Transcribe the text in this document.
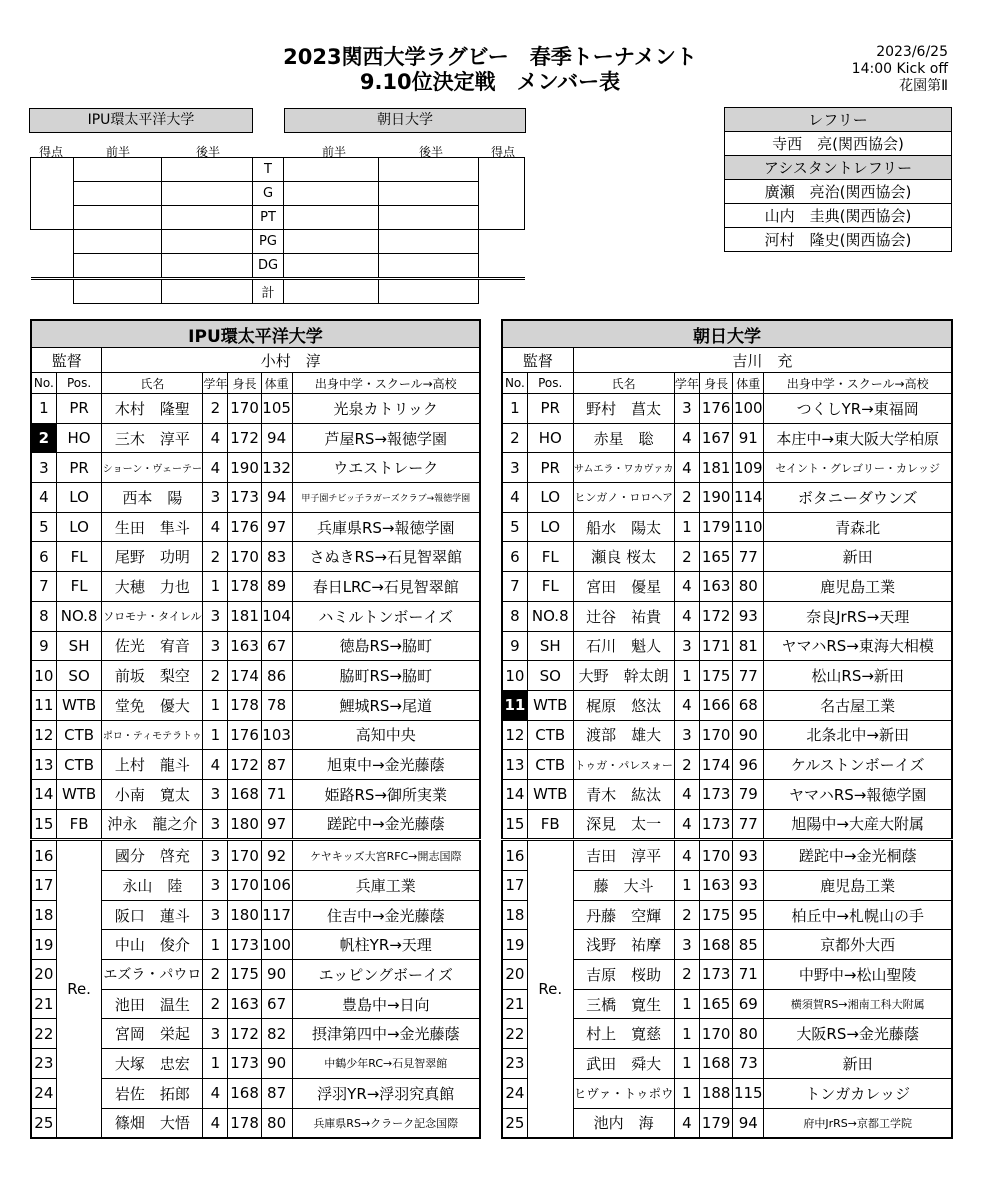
2023関西大学ラグビー　春季トーナメント
9.10位決定戦　メンバー表
2023/6/25
14:00 Kick off
花園第Ⅱ
IPU環太平洋大学	朝日大学
得点	前半	後半	前半	後半	得点
			T			
			G			
			PT			
			PG			
			DG			
			計			
レフリー
寺西　亮(関西協会)
アシスタントレフリー
廣瀬　亮治(関西協会)
山内　圭典(関西協会)
河村　隆史(関西協会)
IPU環太平洋大学						
監督		小村　淳				
No.	Pos.	氏名	学年	身長	体重	出身中学・スクール→高校
1	PR	木村　隆聖	2	170	105	光泉カトリック
2	HO	三木　淳平	4	172	94	芦屋RS→報徳学園
3	PR	ショーン・ヴェーテー	4	190	132	ウエストレーク
4	LO	西本　陽	3	173	94	甲子園チビッ子ラガーズクラブ→報徳学園
5	LO	生田　隼斗	4	176	97	兵庫県RS→報徳学園
6	FL	尾野　功明	2	170	83	さぬきRS→石見智翠館
7	FL	大穂　力也	1	178	89	春日LRC→石見智翠館
8	NO.8	ソロモナ・タイレル	3	181	104	ハミルトンボーイズ
9	SH	佐光　宥音	3	163	67	徳島RS→脇町
10	SO	前坂　梨空	2	174	86	脇町RS→脇町
11	WTB	堂免　優大	1	178	78	鯉城RS→尾道
12	CTB	ポロ・ティモテラトゥ	1	176	103	高知中央
13	CTB	上村　龍斗	4	172	87	旭東中→金光藤蔭
14	WTB	小南　寛太	3	168	71	姫路RS→御所実業
15	FB	沖永　龍之介	3	180	97	蹉跎中→金光藤蔭
16	Re.	國分　啓充	3	170	92	ケヤキッズ大宮RFC→開志国際
17		永山　陸	3	170	106	兵庫工業
18		阪口　蓮斗	3	180	117	住吉中→金光藤蔭
19		中山　俊介	1	173	100	帆柱YR→天理
20		エズラ・パウロ	2	175	90	エッピングボーイズ
21		池田　温生	2	163	67	豊島中→日向
22		宮岡　栄起	3	172	82	摂津第四中→金光藤蔭
23		大塚　忠宏	1	173	90	中鶴少年RC→石見智翠館
24		岩佐　拓郎	4	168	87	浮羽YR→浮羽究真館
25		篠畑　大悟	4	178	80	兵庫県RS→クラーク記念国際
朝日大学						
監督		吉川　充				
No.	Pos.	氏名	学年	身長	体重	出身中学・スクール→高校
1	PR	野村　菖太	3	176	100	つくしYR→東福岡
2	HO	赤星　聡	4	167	91	本庄中→東大阪大学柏原
3	PR	サムエラ・ワカヴァカ	4	181	109	セイント・グレゴリー・カレッジ
4	LO	ヒンガノ・ロロヘア	2	190	114	ボタニーダウンズ
5	LO	船水　陽太	1	179	110	青森北
6	FL	瀬良 桜太	2	165	77	新田
7	FL	宮田　優星	4	163	80	鹿児島工業
8	NO.8	辻谷　祐貴	4	172	93	奈良JrRS→天理
9	SH	石川　魁人	3	171	81	ヤマハRS→東海大相模
10	SO	大野　幹太朗	1	175	77	松山RS→新田
11	WTB	梶原　悠汰	4	166	68	名古屋工業
12	CTB	渡部　雄大	3	170	90	北条北中→新田
13	CTB	トゥガ・パレスォー	2	174	96	ケルストンボーイズ
14	WTB	青木　紘汰	4	173	79	ヤマハRS→報徳学園
15	FB	深見　太一	4	173	77	旭陽中→大産大附属
16	Re.	吉田　淳平	4	170	93	蹉跎中→金光桐蔭
17		藤　大斗	1	163	93	鹿児島工業
18		丹藤　空輝	2	175	95	柏丘中→札幌山の手
19		浅野　祐摩	3	168	85	京都外大西
20		吉原　桜助	2	173	71	中野中→松山聖陵
21		三橋　寛生	1	165	69	横須賀RS→湘南工科大附属
22		村上　寛慈	1	170	80	大阪RS→金光藤蔭
23		武田　舜大	1	168	73	新田
24		ヒヴァ・トゥポウ	1	188	115	トンガカレッジ
25		池内　海	4	179	94	府中JrRS→京都工学院
